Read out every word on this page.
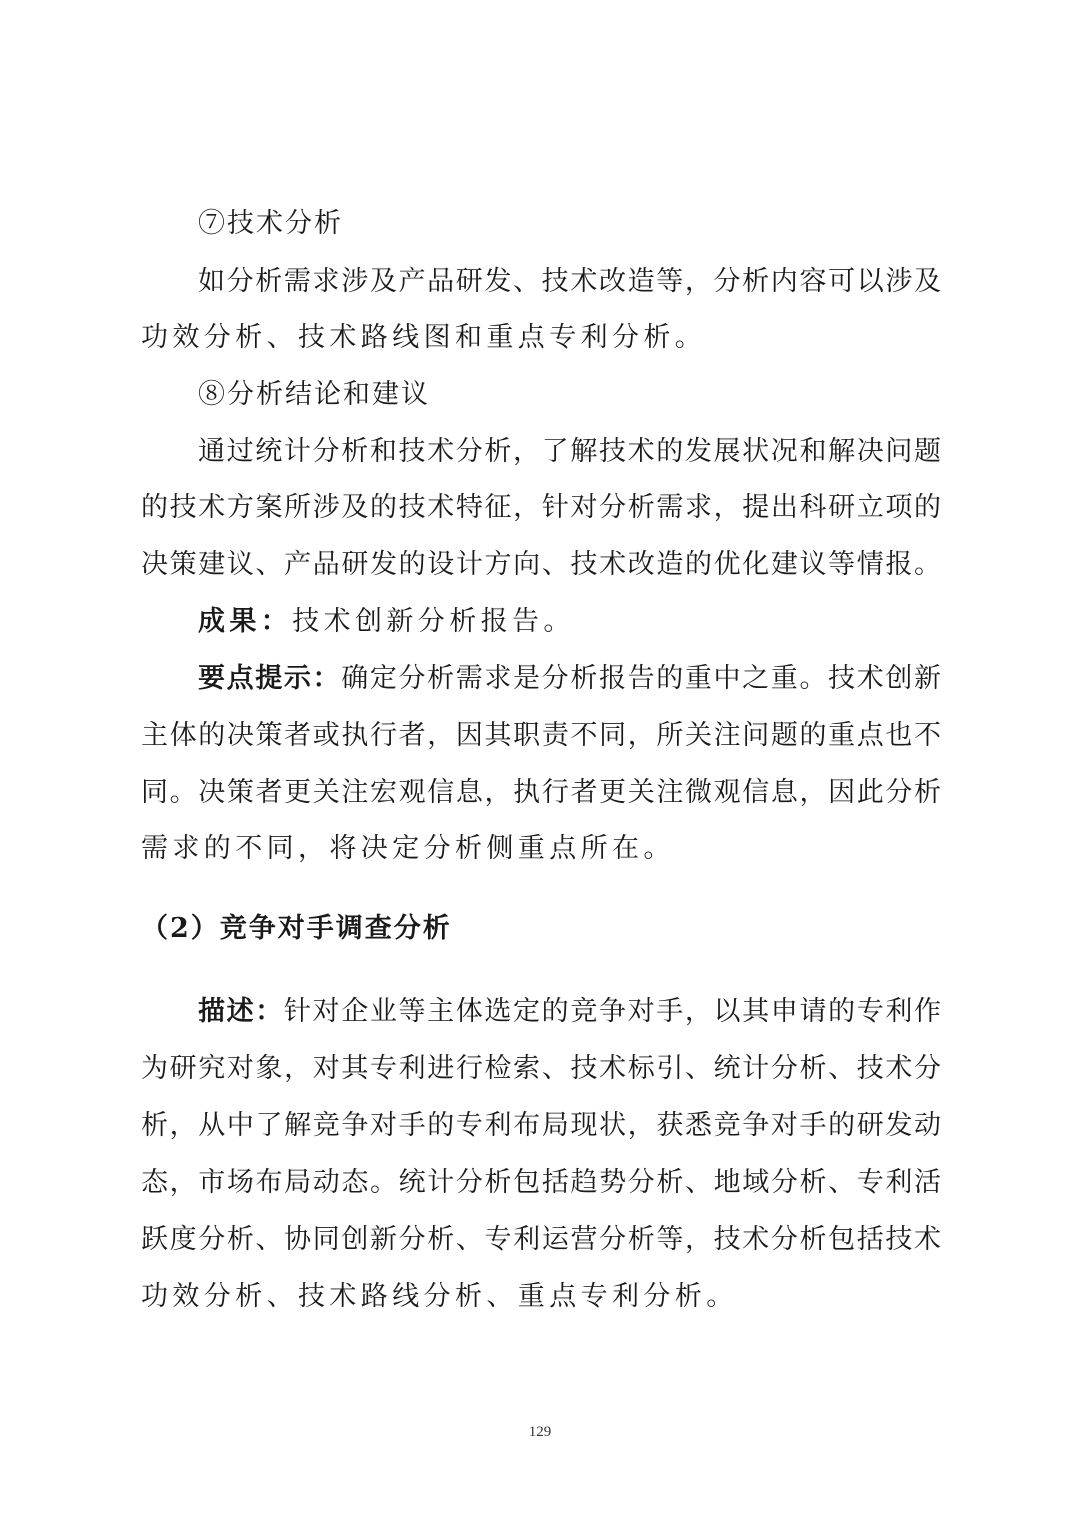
⑦技术分析
如分析需求涉及产品研发、技术改造等，分析内容可以涉及
功效分析、技术路线图和重点专利分析。
⑧分析结论和建议
通过统计分析和技术分析，了解技术的发展状况和解决问题
的技术方案所涉及的技术特征，针对分析需求，提出科研立项的
决策建议、产品研发的设计方向、技术改造的优化建议等情报。
成果：技术创新分析报告。
要点提示：确定分析需求是分析报告的重中之重。技术创新
主体的决策者或执行者，因其职责不同，所关注问题的重点也不
同。决策者更关注宏观信息，执行者更关注微观信息，因此分析
需求的不同，将决定分析侧重点所在。
（2）竞争对手调查分析
描述：针对企业等主体选定的竞争对手，以其申请的专利作
为研究对象，对其专利进行检索、技术标引、统计分析、技术分
析，从中了解竞争对手的专利布局现状，获悉竞争对手的研发动
态，市场布局动态。统计分析包括趋势分析、地域分析、专利活
跃度分析、协同创新分析、专利运营分析等，技术分析包括技术
功效分析、技术路线分析、重点专利分析。
129
